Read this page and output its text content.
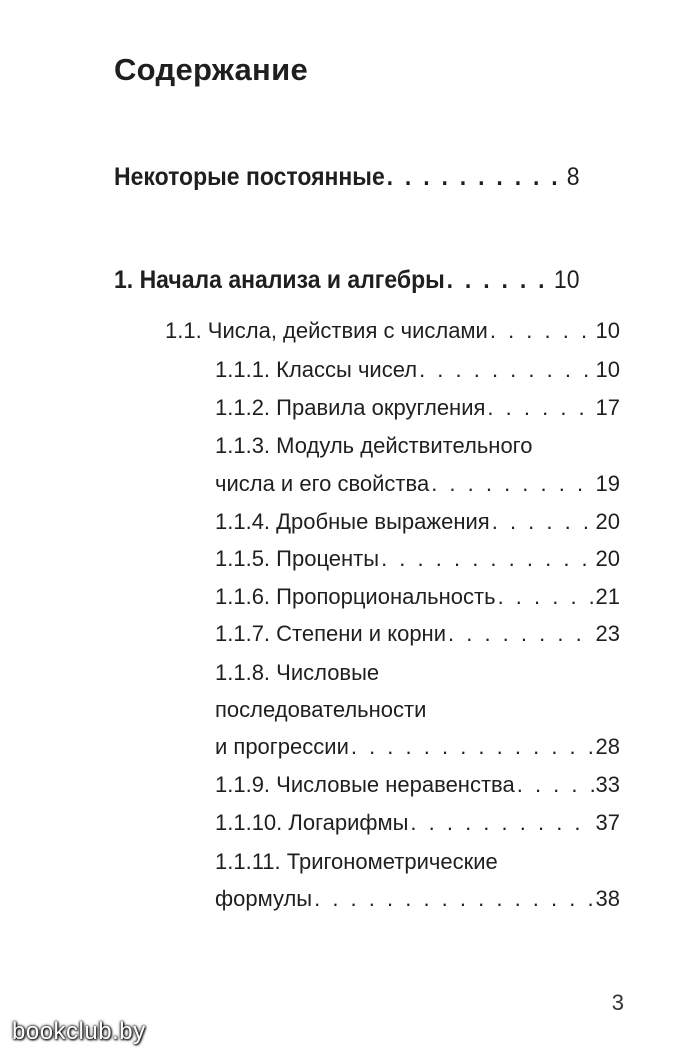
Содержание
Некоторые постоянные . . .	8
1. Начала анализа и алгебры . . .	10
1.1. Числа, действия с числами . . .	10
1.1.1. Классы чисел . . .	10
1.1.2. Правила округления . . .	17
1.1.3. Модуль действительного
числа и его свойства . . .	19
1.1.4. Дробные выражения . . .	20
1.1.5. Проценты . . .	20
1.1.6. Пропорциональность . . .	21
1.1.7. Степени и корни . . .	23
1.1.8. Числовые
последовательности
и прогрессии . . .	28
1.1.9. Числовые неравенства . . .	33
1.1.10. Логарифмы . . .	37
1.1.11. Тригонометрические
формулы . . .	38
3
bookclub.by
